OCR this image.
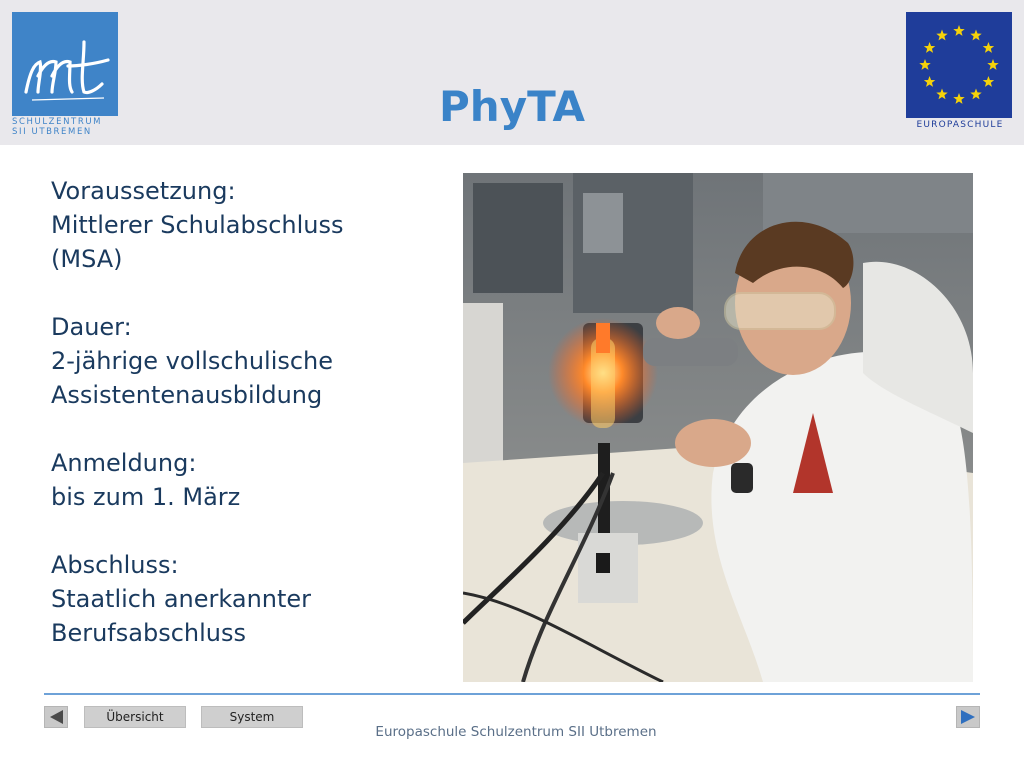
SCHULZENTRUM
SII UTBREMEN
PhyTA	EUROPASCHULE
Voraussetzung:
Mittlerer Schulabschluss
(MSA)
Dauer:
2-jährige vollschulische
Assistentenausbildung
Anmeldung:
bis zum 1. März
Abschluss:
Staatlich anerkannter
Berufsabschluss
Übersicht	System
Europaschule Schulzentrum SII Utbremen
